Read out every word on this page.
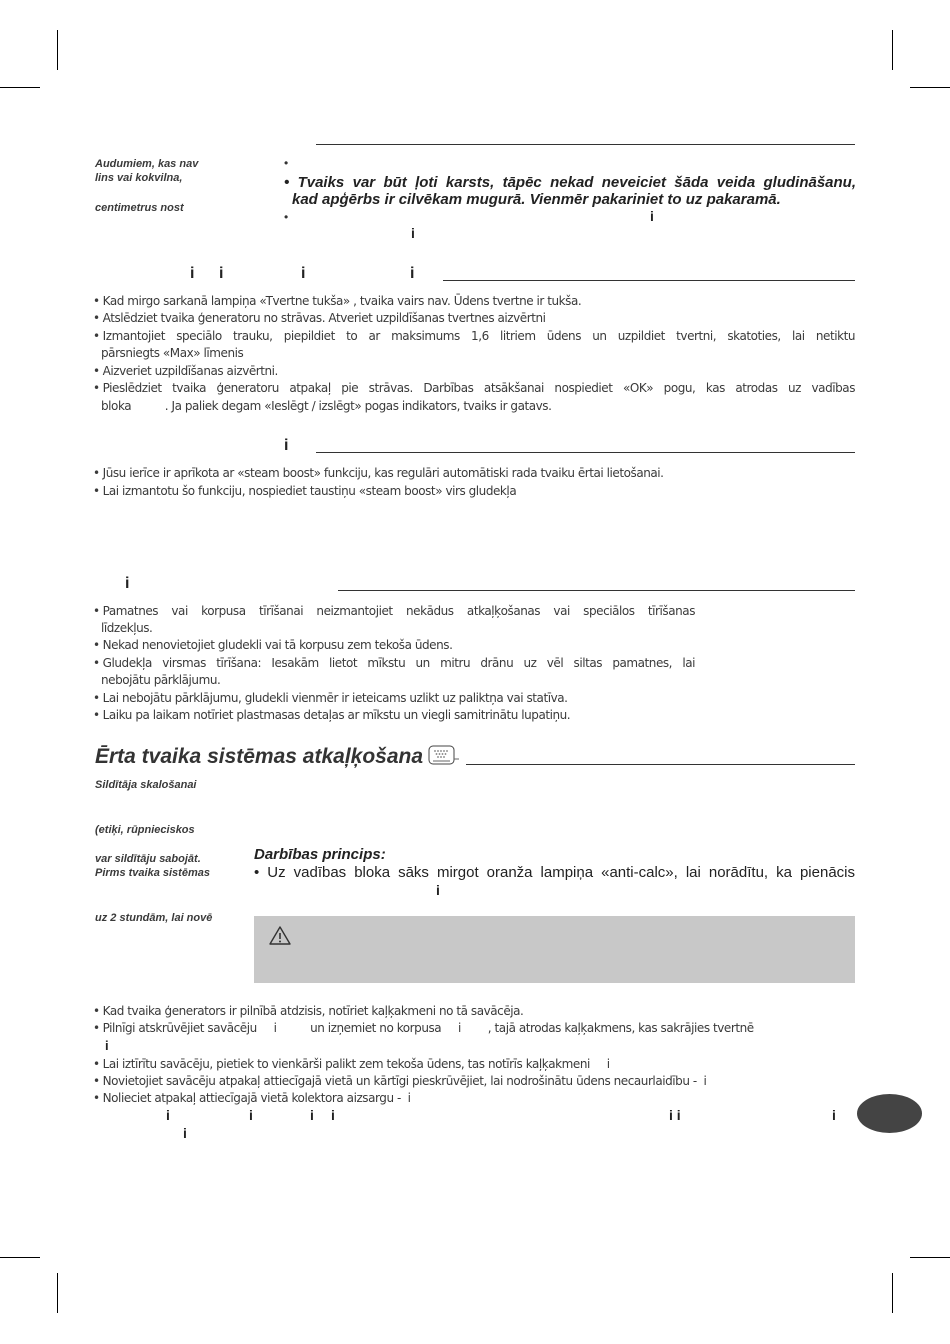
Audumiem, kas nav
lins vai kokvilna,
centimetrus nost
•
• Tvaiks var būt ļoti karsts, tāpēc nekad neveiciet šāda veida gludināšanu,
kad apģērbs ir cilvēkam mugurā. Vienmēr pakariniet to uz pakaramā.
•	i
i
i i	i	i
• Kad mirgo sarkanā lampiņa «Tvertne tukša» , tvaika vairs nav. Ūdens tvertne ir tukša.
• Atslēdziet tvaika ģeneratoru no strāvas. Atveriet uzpildīšanas tvertnes aizvērtni
• Izmantojiet speciālo trauku, piepildiet to ar maksimums 1,6 litriem ūdens un uzpildiet tvertni, skatoties, lai netiktu
pārsniegts «Max» līmenis
• Aizveriet uzpildīšanas aizvērtni.
• Pieslēdziet tvaika ģeneratoru atpakaļ pie strāvas. Darbības atsākšanai nospiediet «OK» pogu, kas atrodas uz vadības
bloka          . Ja paliek degam «Ieslēgt / izslēgt» pogas indikators, tvaiks ir gatavs.
i
• Jūsu ierīce ir aprīkota ar «steam boost» funkciju, kas regulāri automātiski rada tvaiku ērtai lietošanai.
• Lai izmantotu šo funkciju, nospiediet taustiņu «steam boost» virs gludekļa
i
• Pamatnes vai korpusa tīrīšanai neizmantojiet nekādus atkaļķošanas vai speciālos tīrīšanas
līdzekļus.
• Nekad nenovietojiet gludekli vai tā korpusu zem tekoša ūdens.
• Gludekļa virsmas tīrīšana: Iesakām lietot mīkstu un mitru drānu uz vēl siltas pamatnes, lai
nebojātu pārklājumu.
• Lai nebojātu pārklājumu, gludekli vienmēr ir ieteicams uzlikt uz paliktņa vai statīva.
• Laiku pa laikam notīriet plastmasas detaļas ar mīkstu un viegli samitrinātu lupatiņu.
Ērta tvaika sistēmas atkaļķošana
Sildītāja skalošanai
(etiķi, rūpnieciskos
var sildītāju sabojāt.
Pirms tvaika sistēmas
uz 2 stundām, lai novē
Darbības princips:
• Uz vadības bloka sāks mirgot oranža lampiņa «anti-calc», lai norādītu, ka pienācis
i
• Kad tvaika ģenerators ir pilnībā atdzisis, notīriet kaļķakmeni no tā savācēja.
• Pilnīgi atskrūvējiet savācēju     i          un izņemiet no korpusa     i        , tajā atrodas kaļķakmens, kas sakrājies tvertnē
i
• Lai iztīrītu savācēju, pietiek to vienkārši palikt zem tekoša ūdens, tas notīrīs kaļķakmeni     i
• Novietojiet savācēju atpakaļ attiecīgajā vietā un kārtīgi pieskrūvējiet, lai nodrošinātu ūdens necaurlaidību -  i
• Nolieciet atpakaļ attiecīgajā vietā kolektora aizsargu -  i
i	i	i i	i i	i
i
